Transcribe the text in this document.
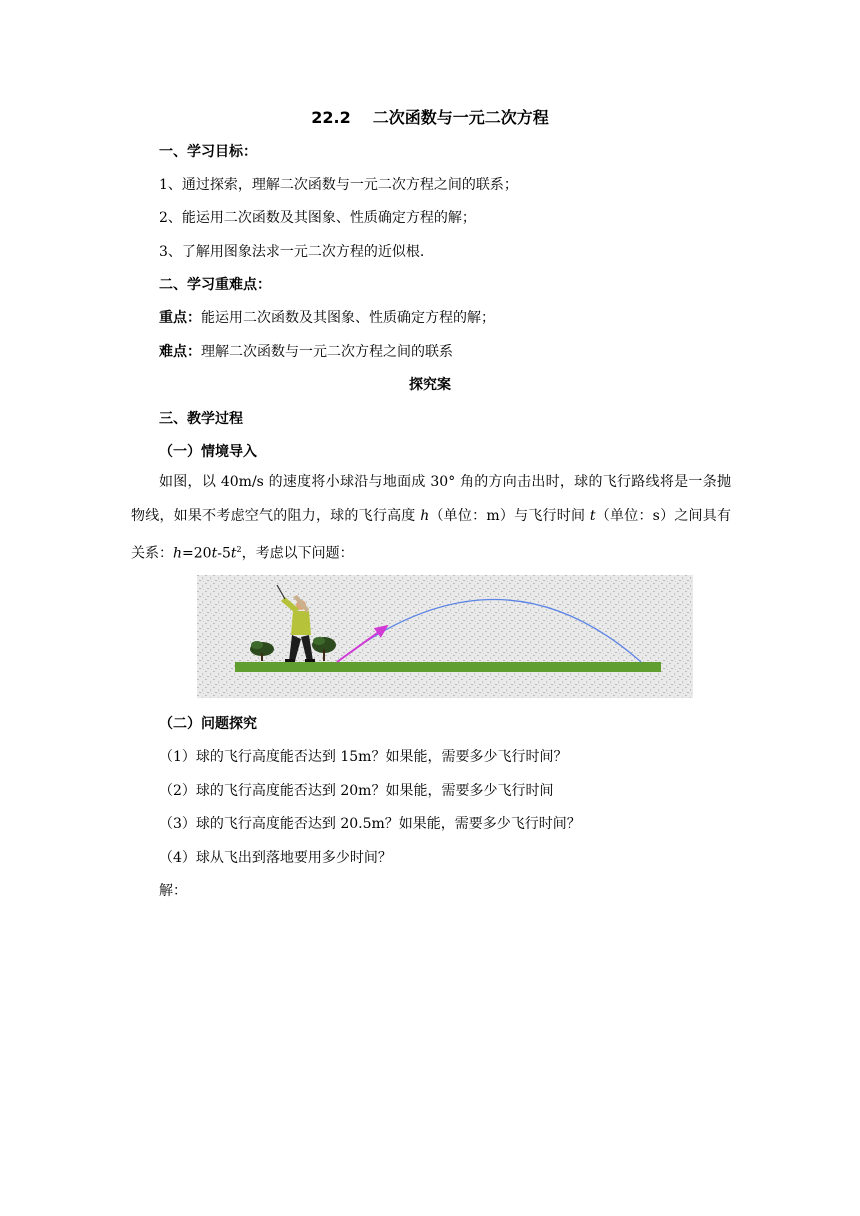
22.2 二次函数与一元二次方程
一、学习目标：
1、通过探索，理解二次函数与一元二次方程之间的联系；
2、能运用二次函数及其图象、性质确定方程的解；
3、了解用图象法求一元二次方程的近似根.
二、学习重难点：
重点：能运用二次函数及其图象、性质确定方程的解；
难点：理解二次函数与一元二次方程之间的联系
探究案
三、教学过程
（一）情境导入
如图，以 40m/s 的速度将小球沿与地面成 30° 角的方向击出时，球的飞行路线将是一条抛物线，如果不考虑空气的阻力，球的飞行高度 h（单位：m）与飞行时间 t（单位：s）之间具有关系：$h=20t-5t^2$，考虑以下问题：
（二）问题探究
（1）球的飞行高度能否达到 15m？如果能，需要多少飞行时间？
（2）球的飞行高度能否达到 20m？如果能，需要多少飞行时间
（3）球的飞行高度能否达到 20.5m？如果能，需要多少飞行时间？
（4）球从飞出到落地要用多少时间？
解：
